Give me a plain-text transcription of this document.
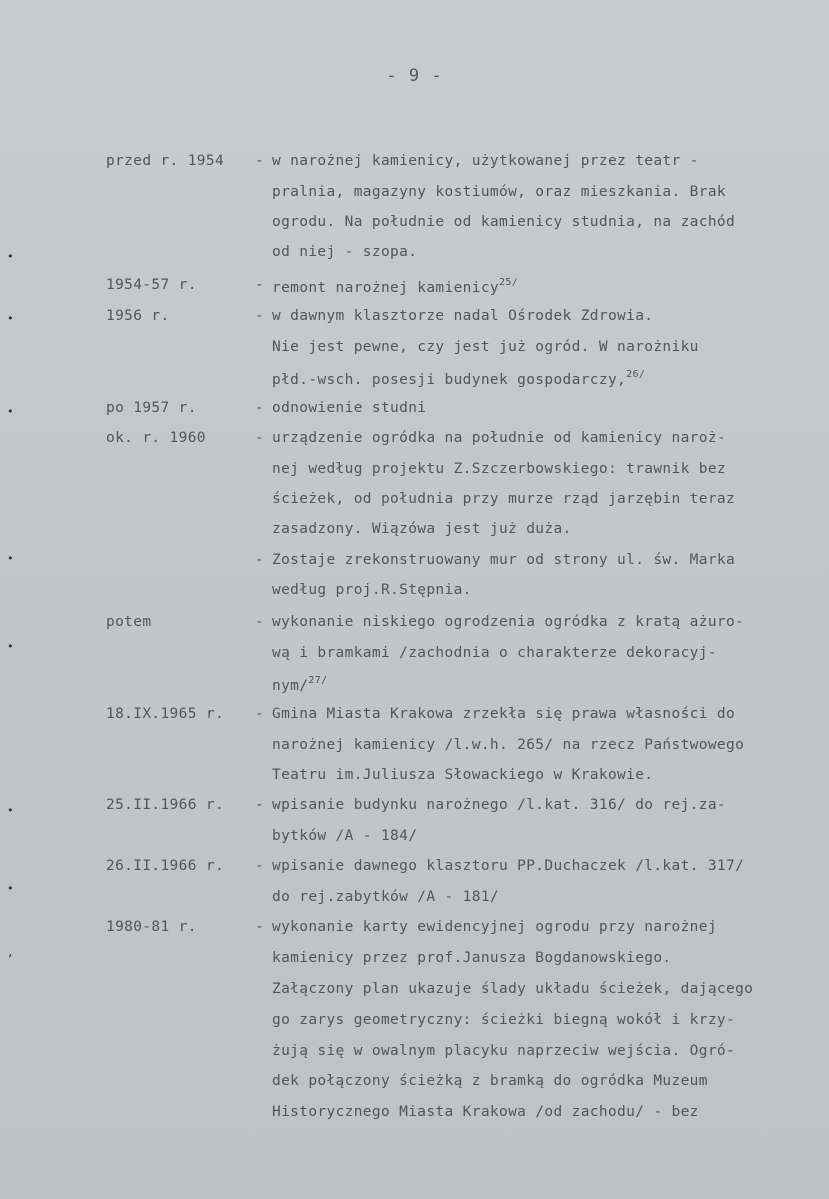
- 9 -
•
•
•
•
•
•
•
,
przed r. 1954 - w narożnej kamienicy, użytkowanej przez teatr -
pralnia, magazyny kostiumów, oraz mieszkania. Brak
ogrodu. Na południe od kamienicy studnia, na zachód
od niej - szopa.
1954-57 r.	- remont narożnej kamienicy$^{25/}$
1956 r.	- w dawnym klasztorze nadal Ośrodek Zdrowia.
Nie jest pewne, czy jest już ogród. W narożniku
płd.-wsch. posesji budynek gospodarczy,$^{26/}$
po 1957 r.	- odnowienie studni
ok. r. 1960	- urządzenie ogródka na południe od kamienicy naroż-
nej według projektu Z.Szczerbowskiego: trawnik bez
ścieżek, od południa przy murze rząd jarzębin teraz
zasadzony. Wiązówa jest już duża.
- Zostaje zrekonstruowany mur od strony ul. św. Marka
według proj.R.Stępnia.
potem	- wykonanie niskiego ogrodzenia ogródka z kratą ażuro-
wą i bramkami /zachodnia o charakterze dekoracyj-
nym/$^{27/}$
18.IX.1965 r. - Gmina Miasta Krakowa zrzekła się prawa własności do
narożnej kamienicy /l.w.h. 265/ na rzecz Państwowego
Teatru im.Juliusza Słowackiego w Krakowie.
25.II.1966 r. - wpisanie budynku narożnego /l.kat. 316/ do rej.za-
bytków /A - 184/
26.II.1966 r. - wpisanie dawnego klasztoru PP.Duchaczek /l.kat. 317/
do rej.zabytków /A - 181/
1980-81 r.	- wykonanie karty ewidencyjnej ogrodu przy narożnej
kamienicy przez prof.Janusza Bogdanowskiego.
Załączony plan ukazuje ślady układu ścieżek, dającego
go zarys geometryczny: ścieżki biegną wokół i krzy-
żują się w owalnym placyku naprzeciw wejścia. Ogró-
dek połączony ścieżką z bramką do ogródka Muzeum
Historycznego Miasta Krakowa /od zachodu/ - bez
